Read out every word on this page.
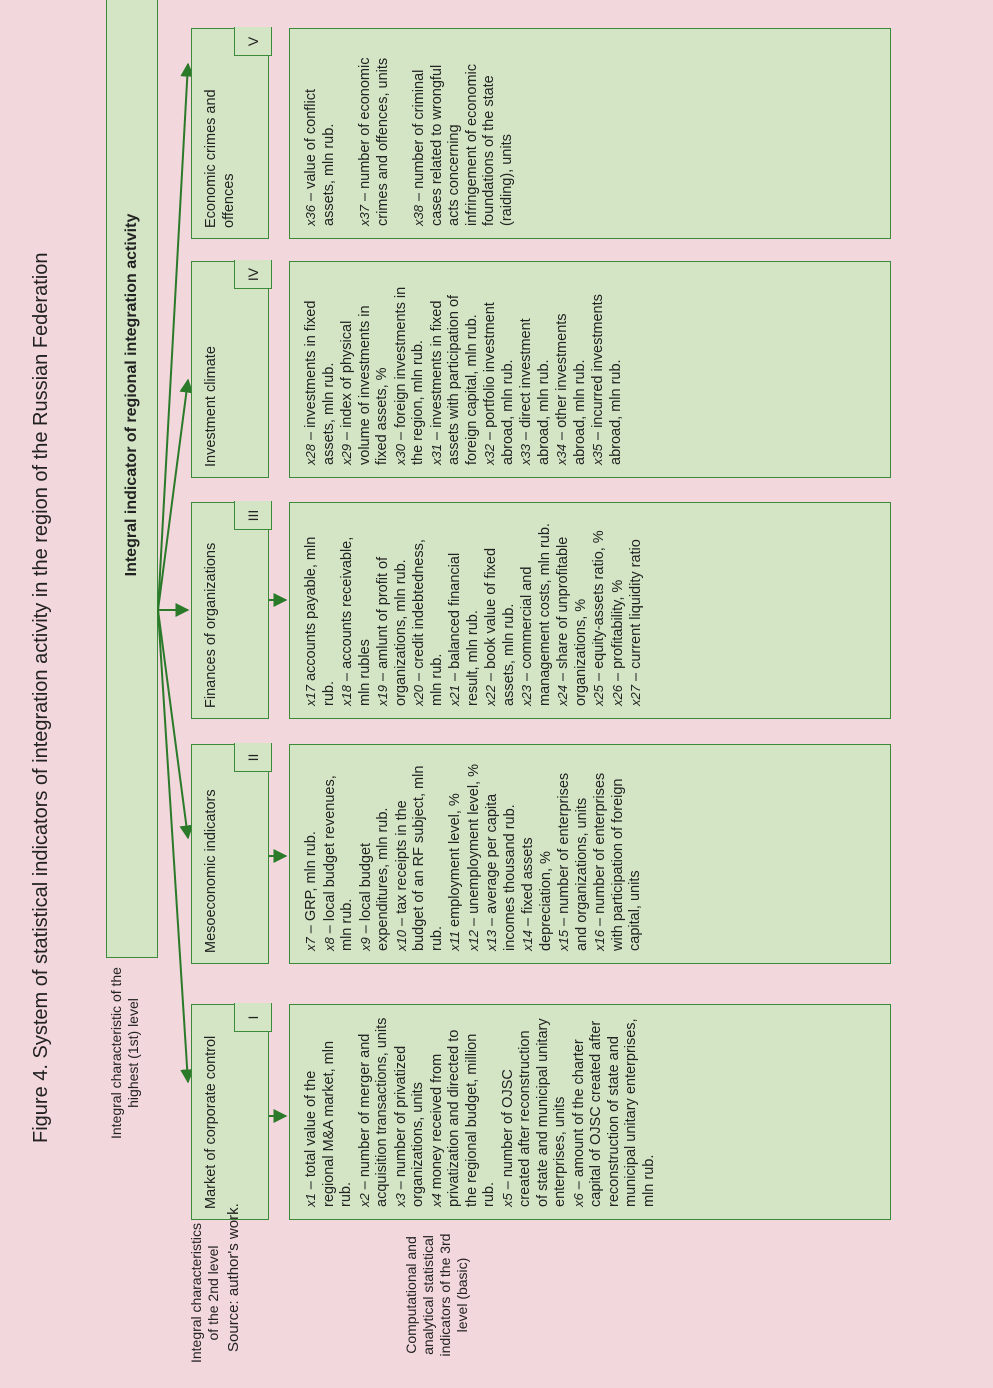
Figure 4. System of statistical indicators of integration activity in the region of the Russian Federation	Integral characteristic of the highest (1st) level
Integral characteristics of the 2nd level	Computational and analytical statistical indicators of the 3rd level (basic)
Integral indicator of regional integration activity
Market of corporate control
I
Mesoeconomic indicators
II
Finances of organizations
III
Investment climate
IV
Economic crimes and offences
V

x1 – total value of the regional M&A market, mln rub. x2 – number of merger and acquisition transactions, units x3 – number of privatized organizations, units x4 money received from privatization and directed to the regional budget, million rub. x5 – number of OJSC created after reconstruction of state and municipal unitary enterprises, units x6 – amount of the charter capital of OJSC created after reconstruction of state and municipal unitary enterprises, mln rub.

x7 – GRP, mln rub.

x8 – local budget revenues, mln rub. x9 – local budget expenditures, mln rub. x10 – tax receipts in the budget of an RF subject, mln rub. x11 employment level, %

x12 – unemployment level, %

x13 – average per capita incomes thousand rub. x14 – fixed assets depreciation, % x15 – number of enterprises and organizations, units x16 – number of enterprises with participation of foreign capital, units

x17 accounts payable, mln rub. x18 – accounts receivable, mln rubles x19 – amlunt of profit of organizations, mln rub. x20 – credit indebtedness, mln rub. x21 – balanced financial result, mln rub. x22 – book value of fixed assets, mln rub. x23 – commercial and management costs, mln rub. x24 – share of unprofitable organizations, % x25 – equity-assets ratio, %

x26 – profitability, %

x27 – current liquidity ratio

x28 – investments in fixed assets, mln rub. x29 – index of physical volume of investments in fixed assets, % x30 – foreign investments in the region, mln rub. x31 – investments in fixed assets with participation of foreign capital, mln rub. x32 – portfolio investment abroad, mln rub. x33 – direct investment abroad, mln rub. x34 – other investments abroad, mln rub. x35 – incurred investments abroad, mln rub.

x36 – value of conflict assets, mln rub. x37 – number of economic crimes and offences, units x38 – number of criminal cases related to wrongful acts concerning infringement of economic foundations of the state (raiding), units

Source: author's work.
